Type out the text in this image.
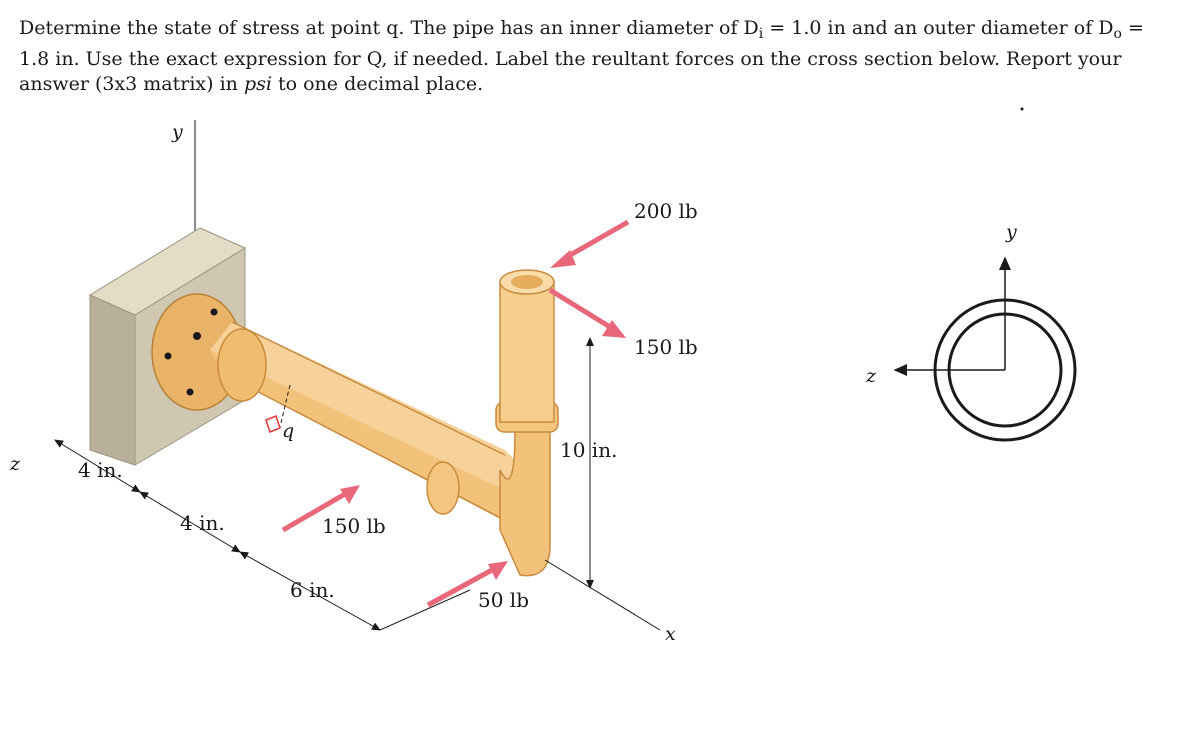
Determine the state of stress at point q. The pipe has an inner diameter of $D_i = 1.0$ in and an outer diameter of $D_o = 1.8$ in. Use the exact expression for Q, if needed. Label the reultant forces on the cross section below. Report your answer (3x3 matrix) in psi to one decimal place.

q
y
z
x
4 in.
4 in.
6 in.
10 in.
200 lb
150 lb
150 lb
50 lb
y
z
